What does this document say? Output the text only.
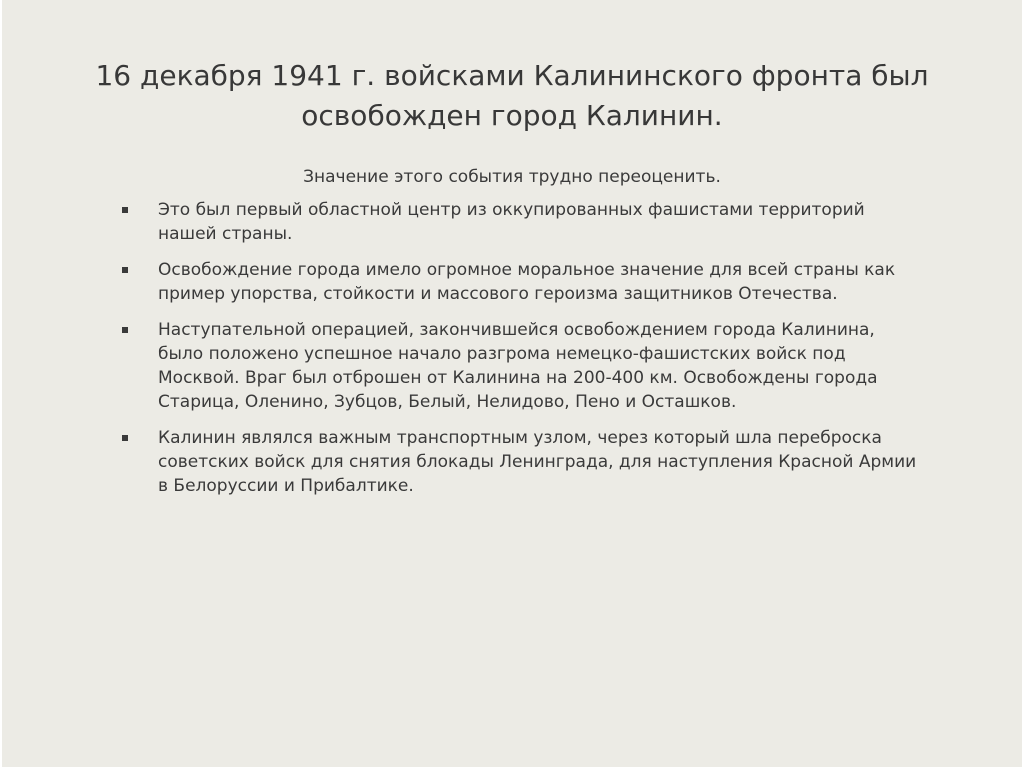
16 декабря 1941 г. войсками Калининского фронта был
освобожден город Калинин.
Значение этого события трудно переоценить.
Это был первый областной центр из оккупированных фашистами территорий нашей страны.
Освобождение города имело огромное моральное значение для всей страны как пример упорства, стойкости и массового героизма защитников Отечества.
Наступательной операцией, закончившейся освобождением города Калинина, было положено успешное начало разгрома немецко-фашистских войск под Москвой. Враг был отброшен от Калинина на 200-400 км. Освобождены города Старица, Оленино, Зубцов, Белый, Нелидово, Пено и Осташков.
Калинин являлся важным транспортным узлом, через который шла переброска советских войск для снятия блокады Ленинграда, для наступления Красной Армии в Белоруссии и Прибалтике.
